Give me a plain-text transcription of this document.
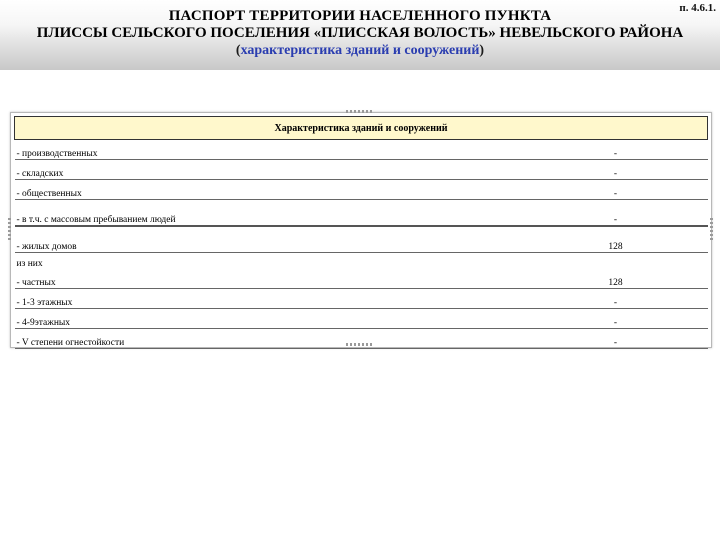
п. 4.6.1.
ПАСПОРТ ТЕРРИТОРИИ НАСЕЛЕННОГО ПУНКТА
ПЛИССЫ СЕЛЬСКОГО ПОСЕЛЕНИЯ «ПЛИССКАЯ ВОЛОСТЬ» НЕВЕЛЬСКОГО РАЙОНА
(характеристика зданий и сооружений)
Характеристика зданий и сооружений	
- производственных	-
- складских	-
- общественных	-
- в т.ч. с массовым пребыванием людей	-
- жилых домов	128
из них	
- частных	128
- 1-3 этажных	-
- 4-9этажных	-
- V степени огнестойкости	-
